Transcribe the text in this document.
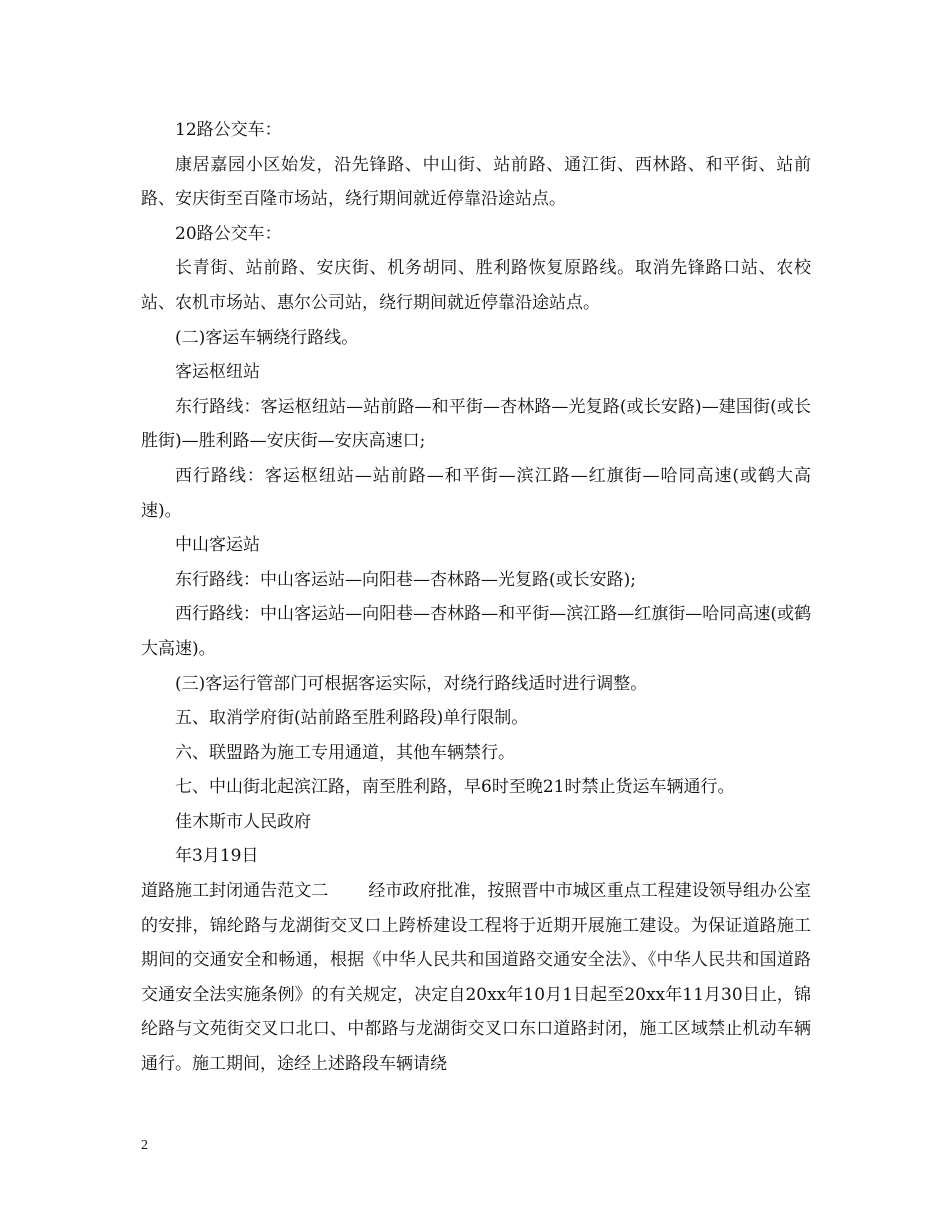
12路公交车：

康居嘉园小区始发，沿先锋路、中山街、站前路、通江街、西林路、和平街、站前路、安庆街至百隆市场站，绕行期间就近停靠沿途站点。

20路公交车：

长青街、站前路、安庆街、机务胡同、胜利路恢复原路线。取消先锋路口站、农校站、农机市场站、惠尔公司站，绕行期间就近停靠沿途站点。

(二)客运车辆绕行路线。

客运枢纽站

东行路线：客运枢纽站—站前路—和平街—杏林路—光复路(或长安路)—建国街(或长胜街)—胜利路—安庆街—安庆高速口;

西行路线：客运枢纽站—站前路—和平街—滨江路—红旗街—哈同高速(或鹤大高速)。

中山客运站

东行路线：中山客运站—向阳巷—杏林路—光复路(或长安路);

西行路线：中山客运站—向阳巷—杏林路—和平街—滨江路—红旗街—哈同高速(或鹤大高速)。

(三)客运行管部门可根据客运实际，对绕行路线适时进行调整。

五、取消学府街(站前路至胜利路段)单行限制。

六、联盟路为施工专用通道，其他车辆禁行。

七、中山街北起滨江路，南至胜利路，早6时至晚21时禁止货运车辆通行。

佳木斯市人民政府

年3月19日

道路施工封闭通告范文二 经市政府批准，按照晋中市城区重点工程建设领导组办公室的安排，锦纶路与龙湖街交叉口上跨桥建设工程将于近期开展施工建设。为保证道路施工期间的交通安全和畅通，根据《中华人民共和国道路交通安全法》、《中华人民共和国道路交通安全法实施条例》的有关规定，决定自20xx年10月1日起至20xx年11月30日止，锦纶路与文苑街交叉口北口、中都路与龙湖街交叉口东口道路封闭，施工区域禁止机动车辆通行。施工期间，途经上述路段车辆请绕

2
